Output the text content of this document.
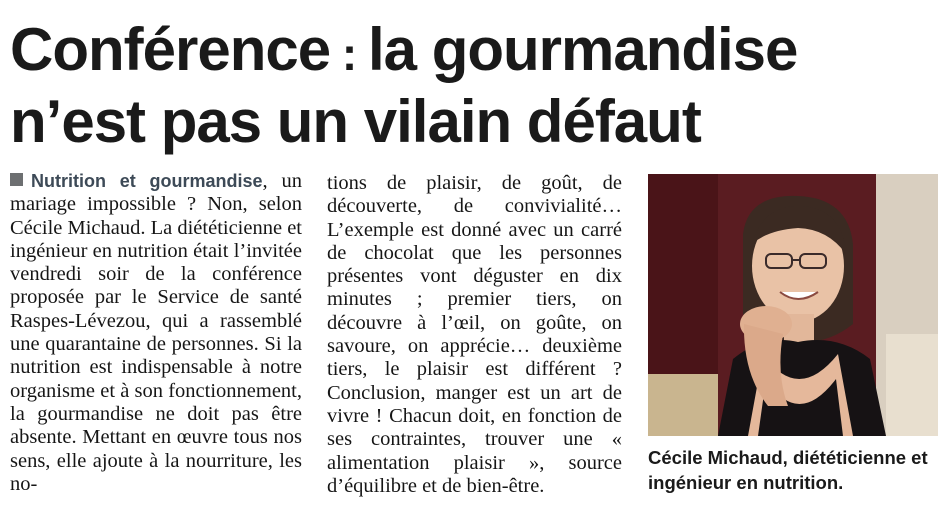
Conférence : la gourmandise n’est pas un vilain défaut
Nutrition et gourmandise, un mariage impossible ? Non, selon Cécile Michaud. La diététicienne et ingénieur en nutrition était l’invitée vendredi soir de la conférence proposée par le Service de santé Raspes-Lévezou, qui a rassemblé une quarantaine de personnes. Si la nutrition est indispensable à notre organisme et à son fonctionnement, la gourmandise ne doit pas être absente. Mettant en œuvre tous nos sens, elle ajoute à la nourriture, les no-
tions de plaisir, de goût, de découverte, de convivialité… L’exemple est donné avec un carré de chocolat que les personnes présentes vont déguster en dix minutes ; premier tiers, on découvre à l’œil, on goûte, on savoure, on apprécie… deuxième tiers, le plaisir est différent ? Conclusion, manger est un art de vivre ! Chacun doit, en fonction de ses contraintes, trouver une « alimentation plaisir », source d’équilibre et de bien-être.
Cécile Michaud, diététicienne et ingénieur en nutrition.
